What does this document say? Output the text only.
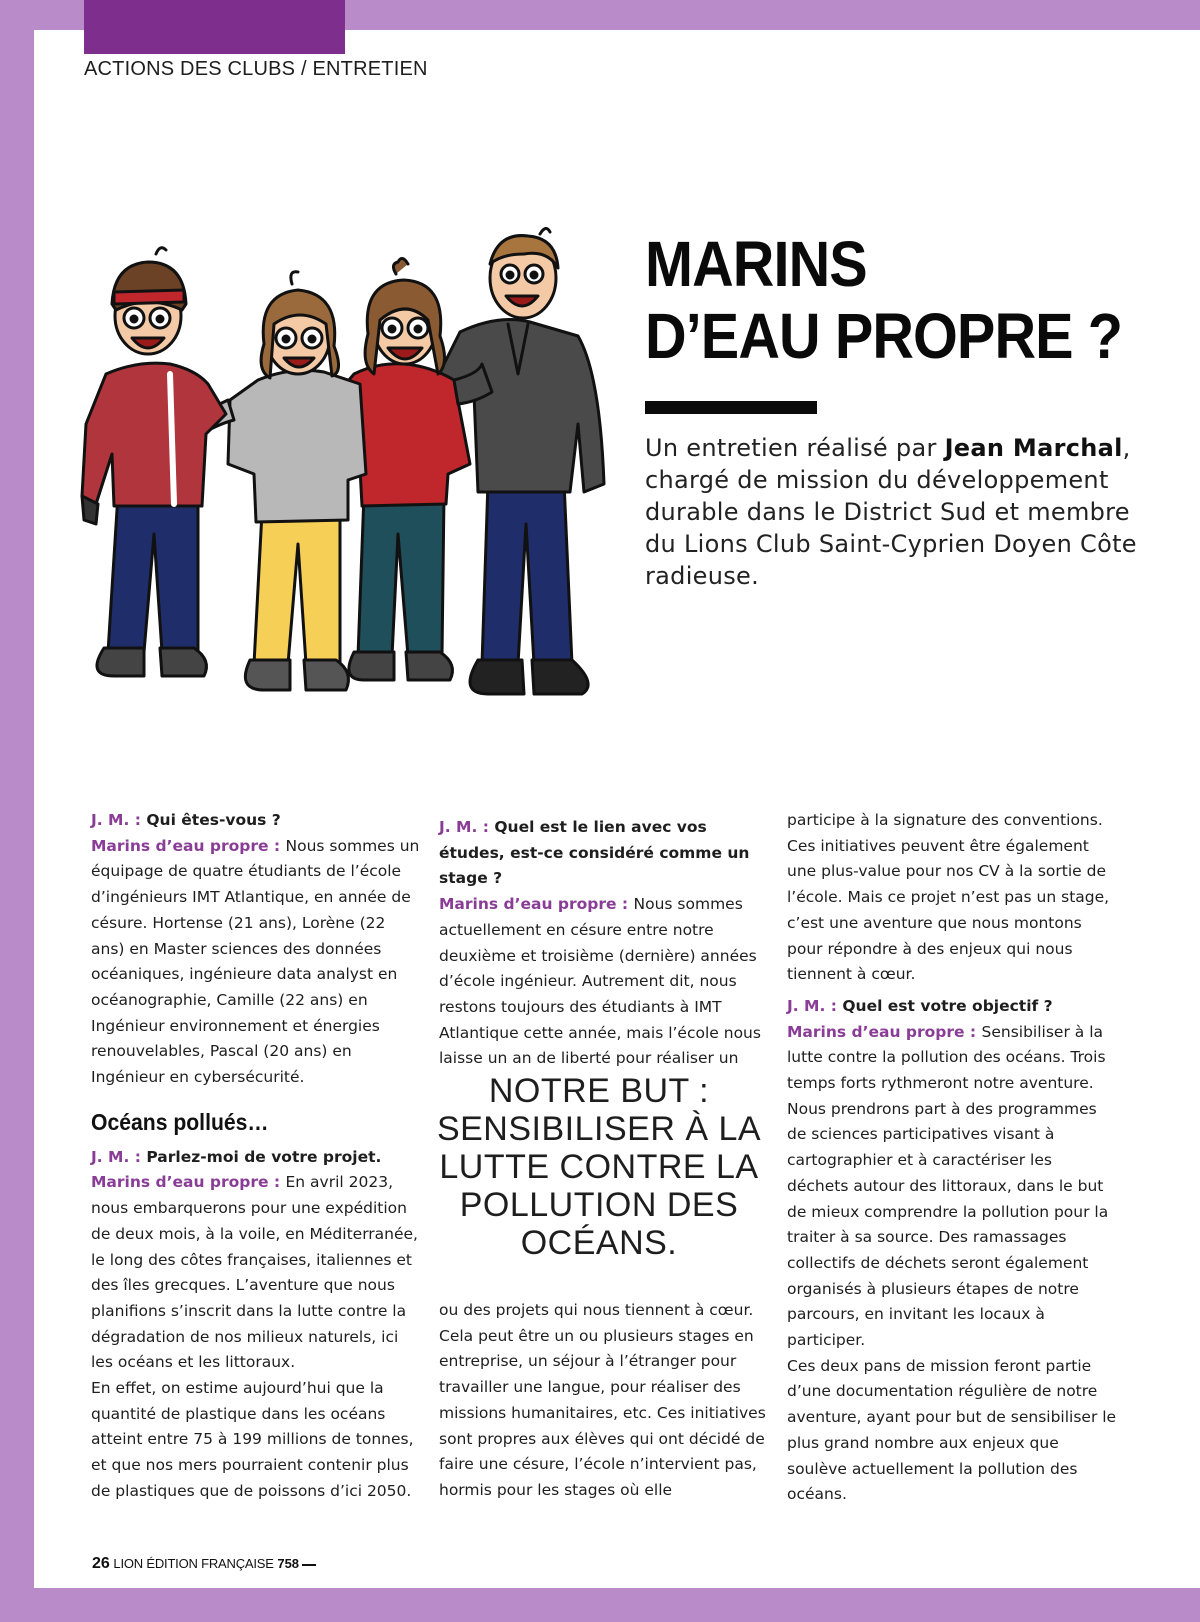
ACTIONS DES CLUBS / ENTRETIEN
MARINS
D’EAU PROPRE ?
Un entretien réalisé par Jean Marchal, chargé de mission du développement durable dans le District Sud et membre du Lions Club Saint-Cyprien Doyen Côte radieuse.

J. M. : Qui êtes-vous ?

Marins d’eau propre : Nous sommes un équipage de quatre étudiants de l’école d’ingénieurs IMT Atlantique, en année de césure. Hortense (21 ans), Lorène (22 ans) en Master sciences des données océaniques, ingénieure data analyst en océanographie, Camille (22 ans) en Ingénieur environnement et énergies renouvelables, Pascal (20 ans) en Ingénieur en cybersécurité.

Océans pollués…

J. M. : Parlez-moi de votre projet.

Marins d’eau propre : En avril 2023, nous embarquerons pour une expédition de deux mois, à la voile, en Méditerranée, le long des côtes françaises, italiennes et des îles grecques. L’aventure que nous planifions s’inscrit dans la lutte contre la dégradation de nos milieux naturels, ici les océans et les littoraux.

En effet, on estime aujourd’hui que la quantité de plastique dans les océans atteint entre 75 à 199 millions de tonnes, et que nos mers pourraient contenir plus de plastiques que de poissons d’ici 2050.

J. M. : Quel est le lien avec vos études, est-ce considéré comme un stage ?

Marins d’eau propre : Nous sommes actuellement en césure entre notre deuxième et troisième (dernière) années d’école ingénieur. Autrement dit, nous restons toujours des étudiants à IMT Atlantique cette année, mais l’école nous laisse un an de liberté pour réaliser un

NOTRE BUT : SENSIBILISER À LA LUTTE CONTRE LA POLLUTION DES OCÉANS.

ou des projets qui nous tiennent à cœur. Cela peut être un ou plusieurs stages en entreprise, un séjour à l’étranger pour travailler une langue, pour réaliser des missions humanitaires, etc. Ces initiatives sont propres aux élèves qui ont décidé de faire une césure, l’école n’intervient pas, hormis pour les stages où elle

participe à la signature des conventions. Ces initiatives peuvent être également une plus-value pour nos CV à la sortie de l’école. Mais ce projet n’est pas un stage, c’est une aventure que nous montons pour répondre à des enjeux qui nous tiennent à cœur.

J. M. : Quel est votre objectif ?

Marins d’eau propre : Sensibiliser à la lutte contre la pollution des océans. Trois temps forts rythmeront notre aventure. Nous prendrons part à des programmes de sciences participatives visant à cartographier et à caractériser les déchets autour des littoraux, dans le but de mieux comprendre la pollution pour la traiter à sa source. Des ramassages collectifs de déchets seront également organisés à plusieurs étapes de notre parcours, en invitant les locaux à participer.

Ces deux pans de mission feront partie d’une documentation régulière de notre aventure, ayant pour but de sensibiliser le plus grand nombre aux enjeux que soulève actuellement la pollution des océans.

26 LION ÉDITION FRANÇAISE 758
